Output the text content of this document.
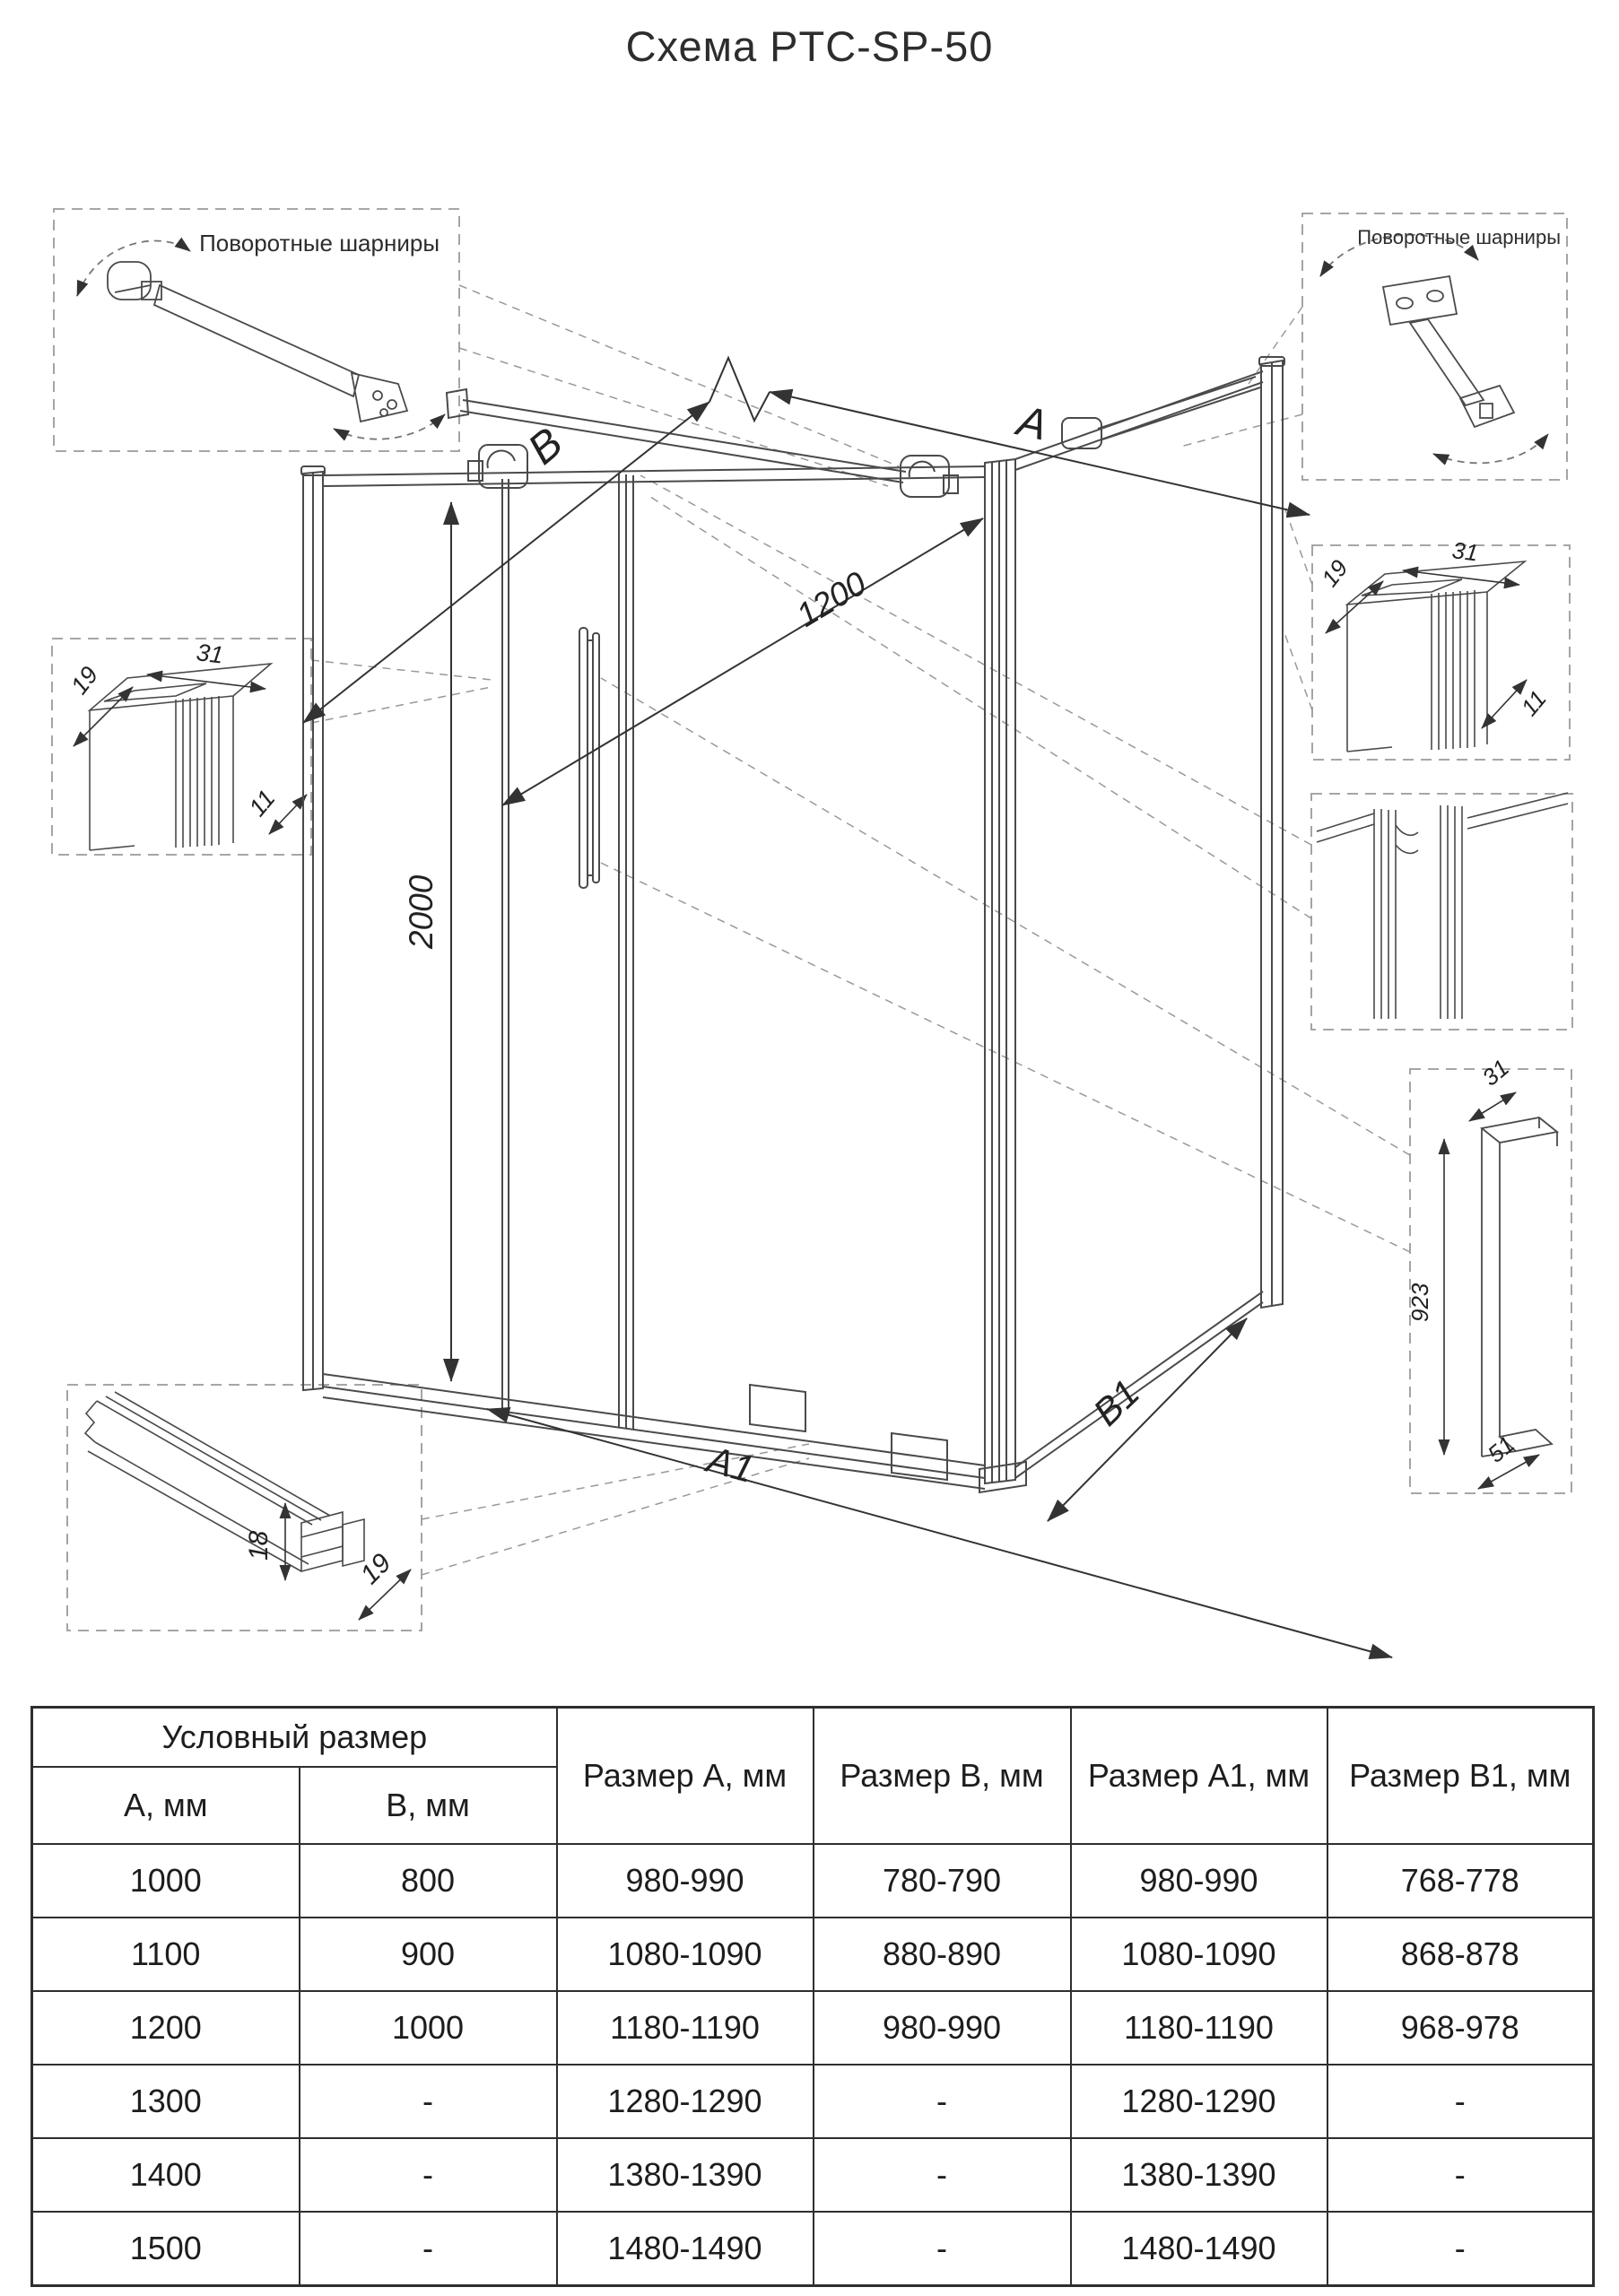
Схема PTC-SP-50
Поворотные шарниры	Поворотные шарниры
19
31
11
19
31
11
31
923
51
18
19
A
B
1200
2000
A1
B1
Условный размер		Размер A, мм	Размер B, мм	Размер A1, мм	Размер B1, мм
A, мм	B, мм				
1000	800	980-990	780-790	980-990	768-778
1100	900	1080-1090	880-890	1080-1090	868-878
1200	1000	1180-1190	980-990	1180-1190	968-978
1300	-	1280-1290	-	1280-1290	-
1400	-	1380-1390	-	1380-1390	-
1500	-	1480-1490	-	1480-1490	-
